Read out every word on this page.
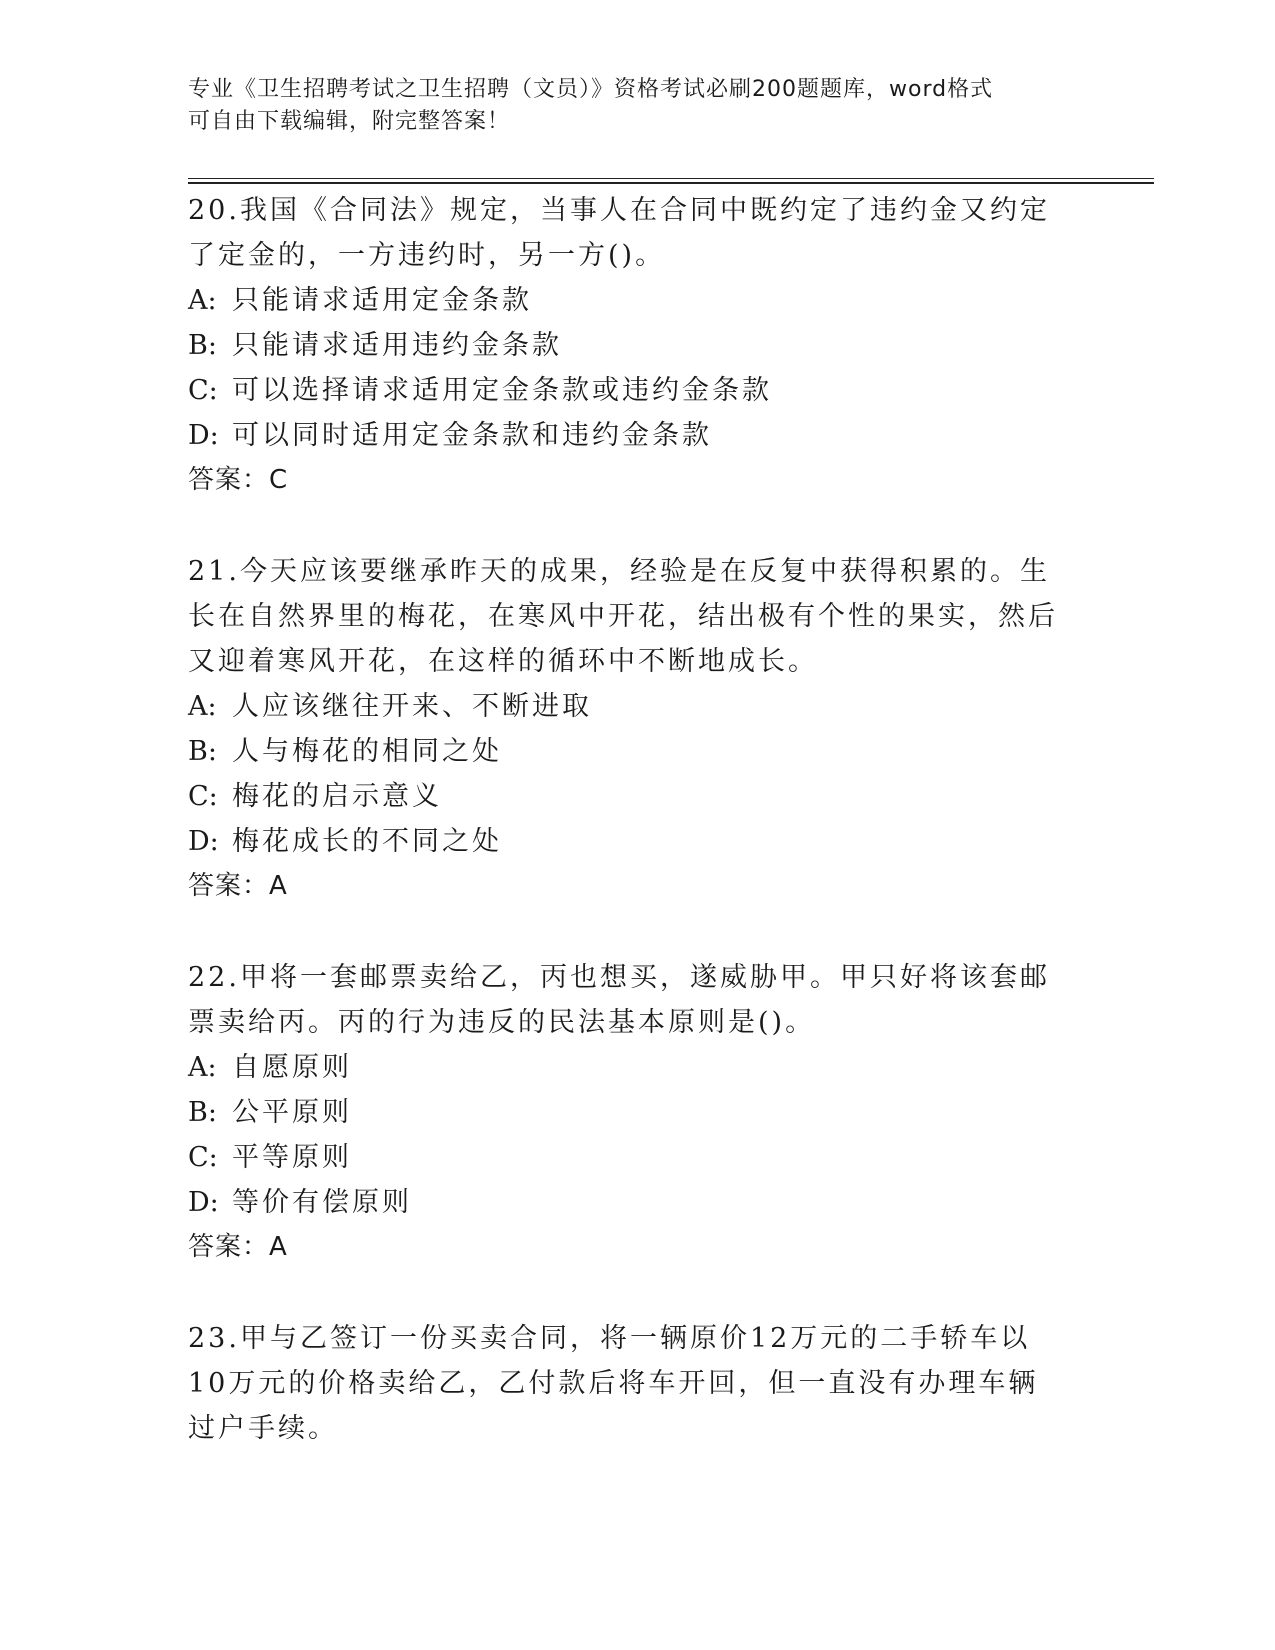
专业《卫生招聘考试之卫生招聘（文员）》资格考试必刷200题题库，word格式
可自由下载编辑，附完整答案！
20.我国《合同法》规定，当事人在合同中既约定了违约金又约定了定金的，一方违约时，另一方()。
A: 只能请求适用定金条款
B: 只能请求适用违约金条款
C: 可以选择请求适用定金条款或违约金条款
D: 可以同时适用定金条款和违约金条款
答案：C
21.今天应该要继承昨天的成果，经验是在反复中获得积累的。生长在自然界里的梅花，在寒风中开花，结出极有个性的果实，然后又迎着寒风开花，在这样的循环中不断地成长。
A: 人应该继往开来、不断进取
B: 人与梅花的相同之处
C: 梅花的启示意义
D: 梅花成长的不同之处
答案：A
22.甲将一套邮票卖给乙，丙也想买，遂威胁甲。甲只好将该套邮票卖给丙。丙的行为违反的民法基本原则是()。
A: 自愿原则
B: 公平原则
C: 平等原则
D: 等价有偿原则
答案：A
23.甲与乙签订一份买卖合同，将一辆原价12万元的二手轿车以10万元的价格卖给乙，乙付款后将车开回，但一直没有办理车辆过户手续。
